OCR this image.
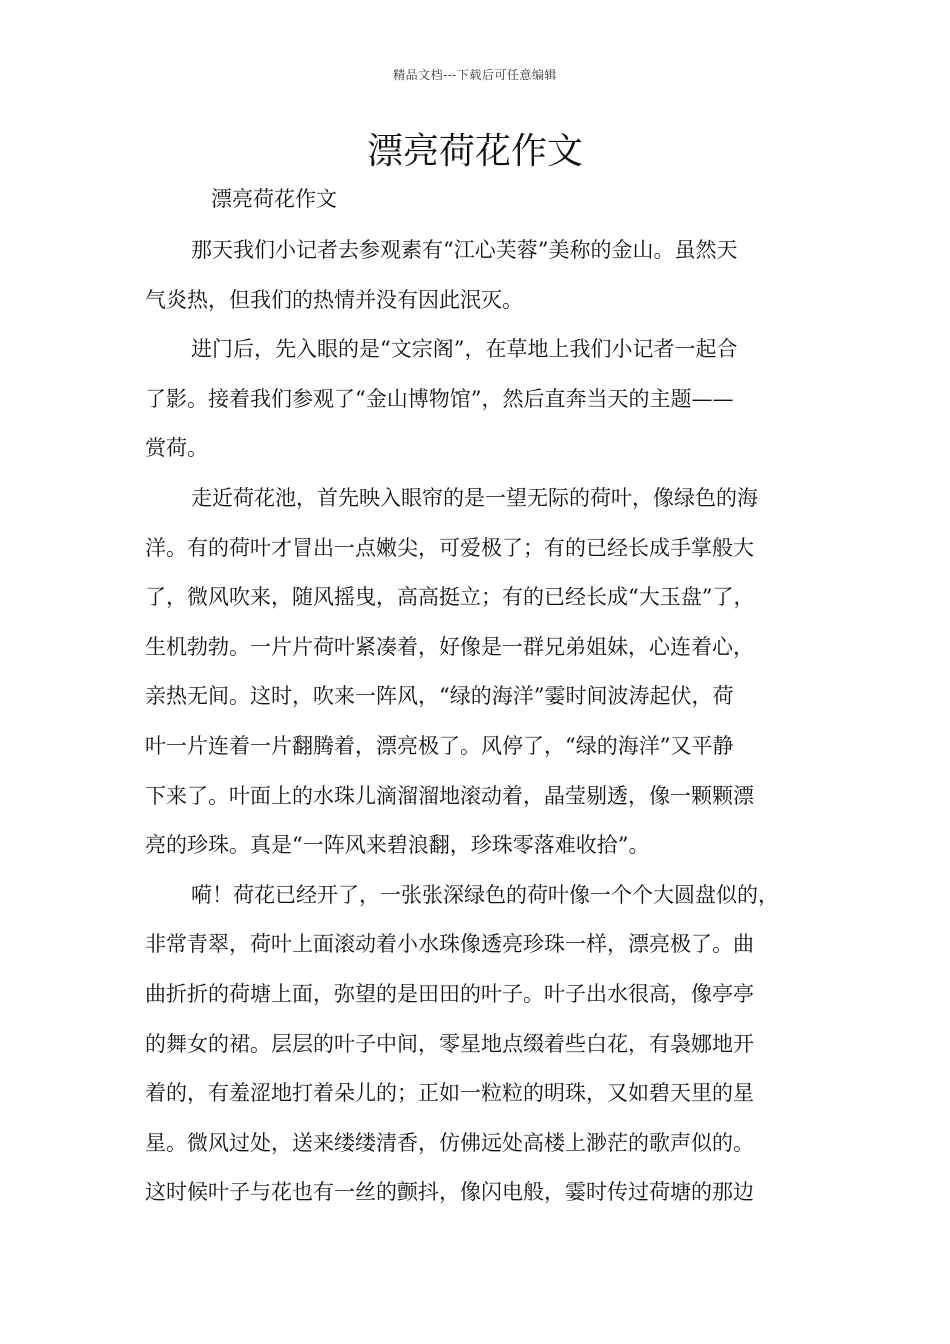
精品文档---下载后可任意编辑
漂亮荷花作文
漂亮荷花作文
那天我们小记者去参观素有“江心芙蓉”美称的金山。虽然天
气炎热，但我们的热情并没有因此泯灭。
进门后，先入眼的是“文宗阁”，在草地上我们小记者一起合
了影。接着我们参观了“金山博物馆”，然后直奔当天的主题——
赏荷。
走近荷花池，首先映入眼帘的是一望无际的荷叶，像绿色的海
洋。有的荷叶才冒出一点嫩尖，可爱极了；有的已经长成手掌般大
了，微风吹来，随风摇曳，高高挺立；有的已经长成“大玉盘”了，
生机勃勃。一片片荷叶紧凑着，好像是一群兄弟姐妹，心连着心，
亲热无间。这时，吹来一阵风，“绿的海洋”霎时间波涛起伏，荷
叶一片连着一片翻腾着，漂亮极了。风停了，“绿的海洋”又平静
下来了。叶面上的水珠儿滴溜溜地滚动着，晶莹剔透，像一颗颗漂
亮的珍珠。真是“一阵风来碧浪翻，珍珠零落难收拾”。
嗬！荷花已经开了，一张张深绿色的荷叶像一个个大圆盘似的，
非常青翠，荷叶上面滚动着小水珠像透亮珍珠一样，漂亮极了。曲
曲折折的荷塘上面，弥望的是田田的叶子。叶子出水很高，像亭亭
的舞女的裙。层层的叶子中间，零星地点缀着些白花，有袅娜地开
着的，有羞涩地打着朵儿的；正如一粒粒的明珠，又如碧天里的星
星。微风过处，送来缕缕清香，仿佛远处高楼上渺茫的歌声似的。
这时候叶子与花也有一丝的颤抖，像闪电般，霎时传过荷塘的那边
